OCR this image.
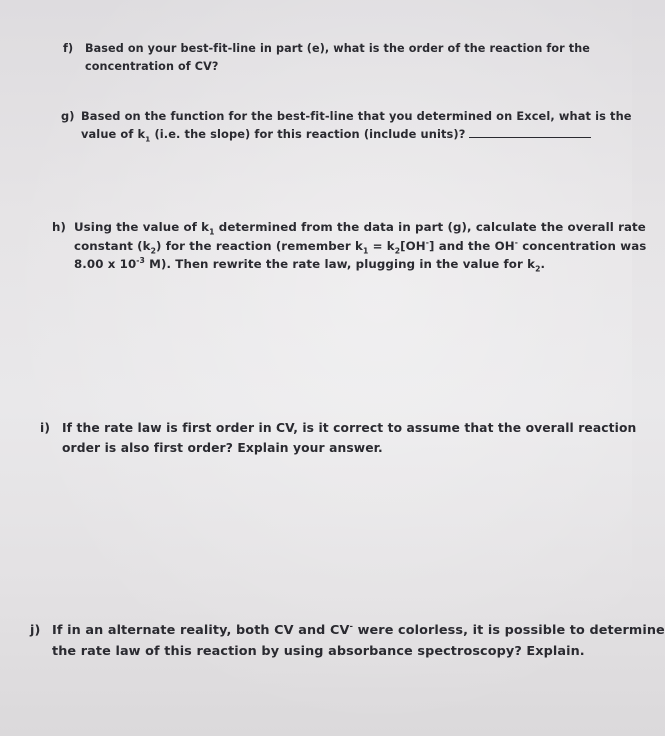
f)	Based on your best-fit-line in part (e), what is the order of the reaction for the
concentration of CV?
g) Based on the function for the best-fit-line that you determined on Excel, what is the
value of $k_1$ (i.e. the slope) for this reaction (include units)?
h) Using the value of $k_1$ determined from the data in part (g), calculate the overall rate
constant $(k_2)$ for the reaction (remember $k_1 = k_2[OH^-]$ and the OH- concentration was
8.00 x $10^{-3}$ M). Then rewrite the rate law, plugging in the value for $k_2$.
i) If the rate law is first order in CV, is it correct to assume that the overall reaction
order is also first order? Explain your answer.
j) If in an alternate reality, both CV and CV- were colorless, it is possible to determine
the rate law of this reaction by using absorbance spectroscopy? Explain.
